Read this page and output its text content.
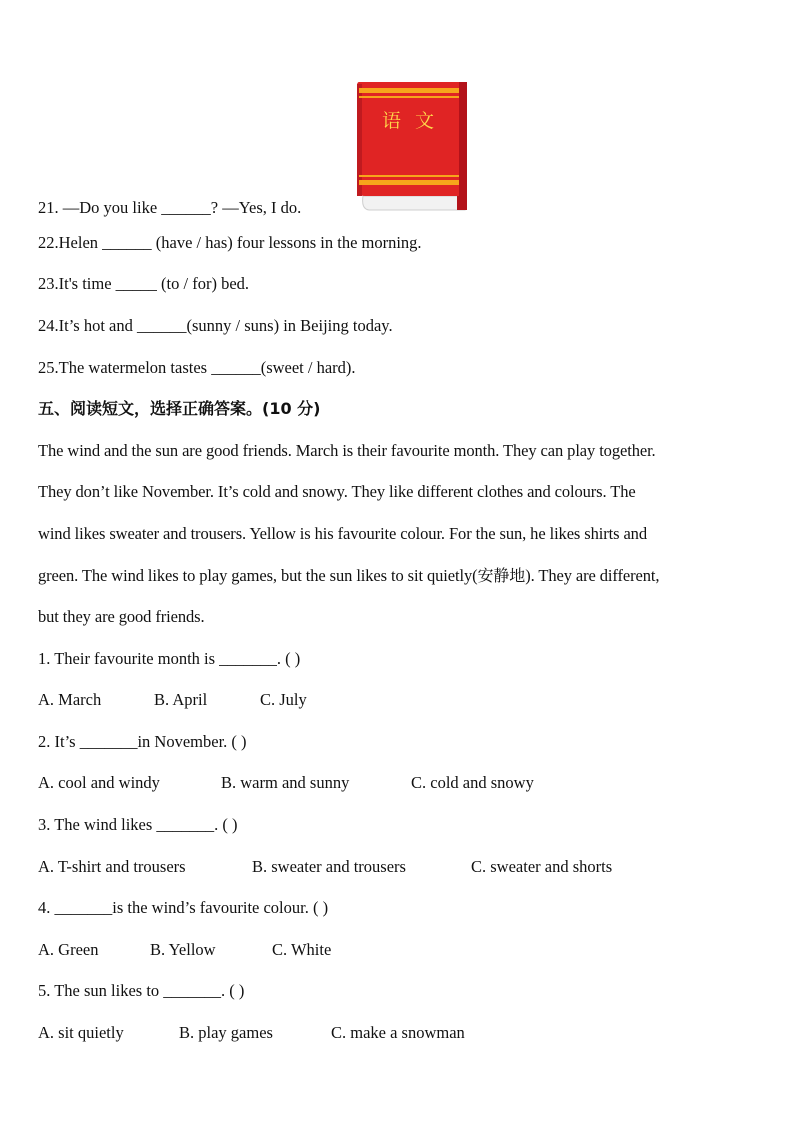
语 文
21. —Do you like ______? —Yes, I do.
22.Helen ______ (have / has) four lessons in the morning.
23.It's time _____ (to / for) bed.
24.It’s hot and ______(sunny / suns) in Beijing today.
25.The watermelon tastes ______(sweet / hard).
五、阅读短文，选择正确答案。(10 分)
The wind and the sun are good friends. March is their favourite month. They can play together.
They don’t like November. It’s cold and snowy. They like different clothes and colours. The
wind likes sweater and trousers. Yellow is his favourite colour. For the sun, he likes shirts and
green. The wind likes to play games, but the sun likes to sit quietly(安静地). They are different,
but they are good friends.
1. Their favourite month is _______. ( )
A. March	B. April	C. July
2. It’s _______in November. ( )
A. cool and windy	B. warm and sunny	C. cold and snowy
3. The wind likes _______. ( )
A. T-shirt and trousers	B. sweater and trousers	C. sweater and shorts
4. _______is the wind’s favourite colour. ( )
A. Green	B. Yellow	C. White
5. The sun likes to _______. ( )
A. sit quietly	B. play games	C. make a snowman
